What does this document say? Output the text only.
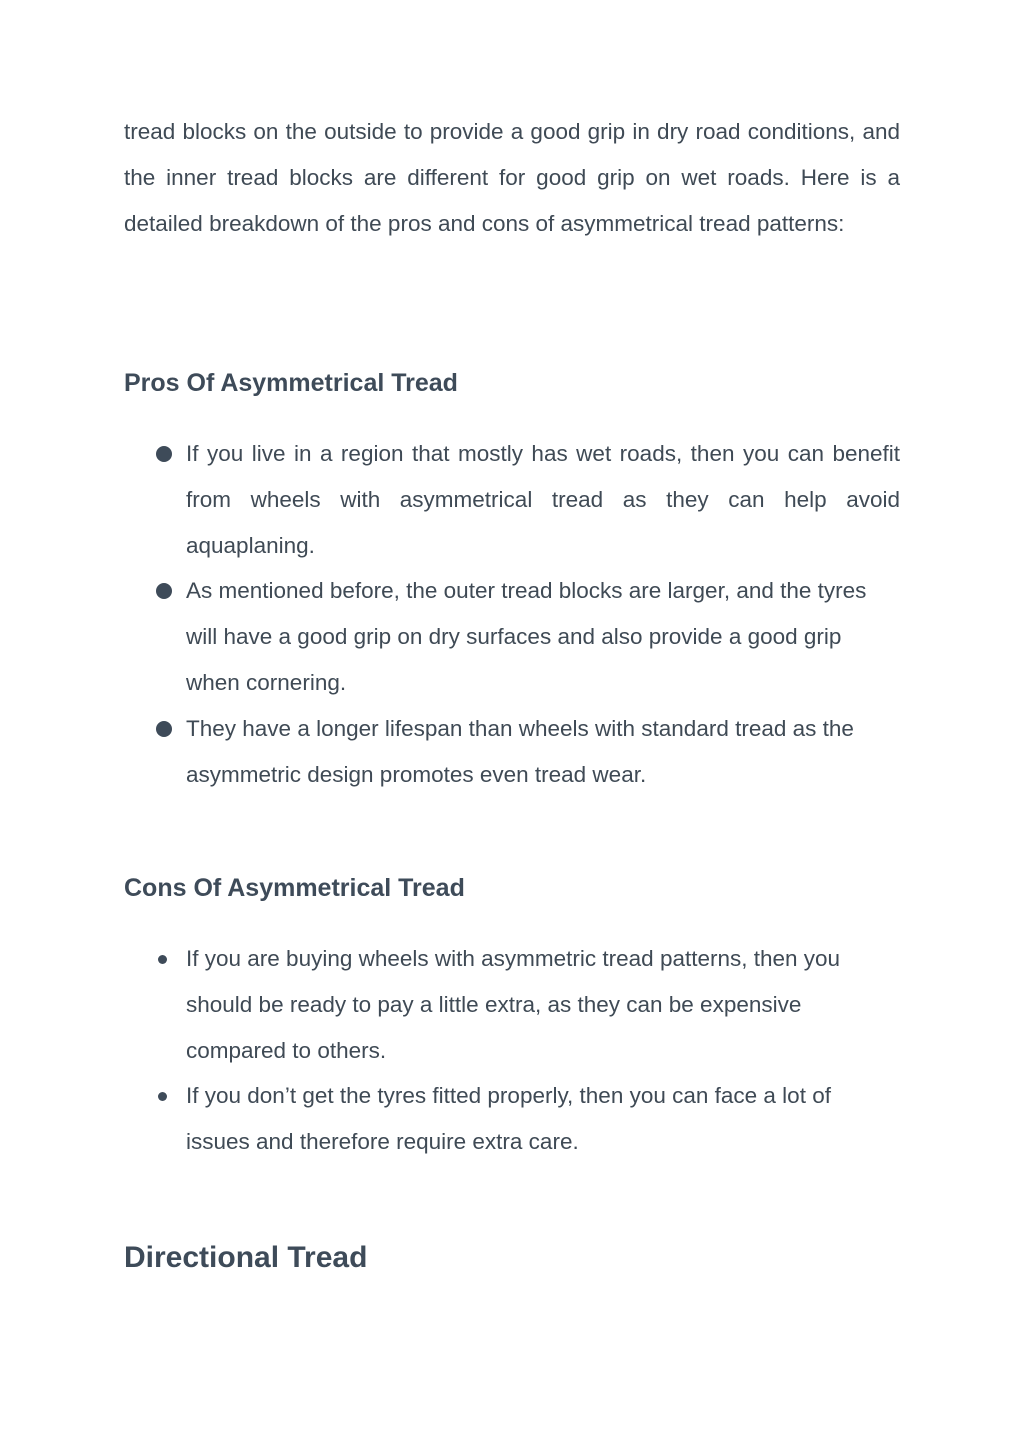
tread blocks on the outside to provide a good grip in dry road conditions, and the inner tread blocks are different for good grip on wet roads. Here is a detailed breakdown of the pros and cons of asymmetrical tread patterns:

Pros Of Asymmetrical Tread
If you live in a region that mostly has wet roads, then you can benefit from wheels with asymmetrical tread as they can help avoid aquaplaning.
As mentioned before, the outer tread blocks are larger, and the tyres will have a good grip on dry surfaces and also provide a good grip when cornering.
They have a longer lifespan than wheels with standard tread as the asymmetric design promotes even tread wear.
Cons Of Asymmetrical Tread
If you are buying wheels with asymmetric tread patterns, then you should be ready to pay a little extra, as they can be expensive compared to others.
If you don’t get the tyres fitted properly, then you can face a lot of issues and therefore require extra care.
Directional Tread
